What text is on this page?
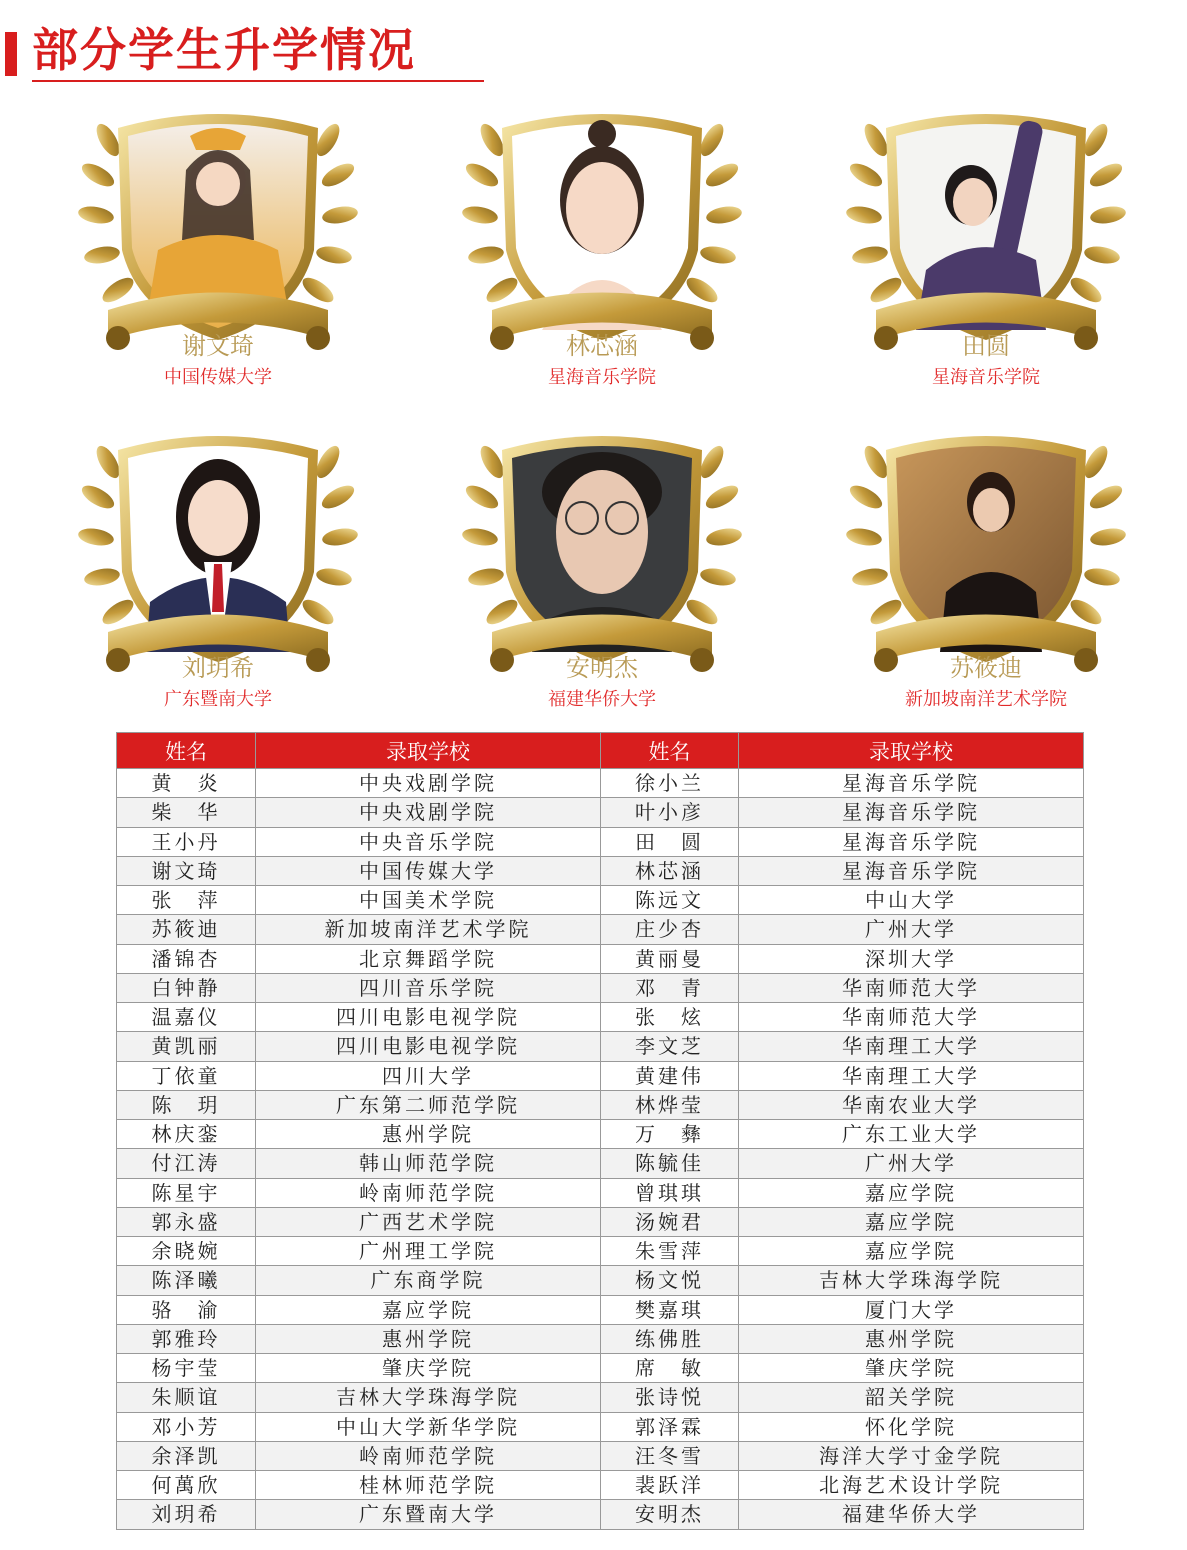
部分学生升学情况
谢文琦
中国传媒大学
林芯涵
星海音乐学院
田圆
星海音乐学院
刘玥希
广东暨南大学
安明杰
福建华侨大学
苏筱迪
新加坡南洋艺术学院
姓名	录取学校	姓名	录取学校
黄　炎	中央戏剧学院	徐小兰	星海音乐学院
柴　华	中央戏剧学院	叶小彦	星海音乐学院
王小丹	中央音乐学院	田　圆	星海音乐学院
谢文琦	中国传媒大学	林芯涵	星海音乐学院
张　萍	中国美术学院	陈远文	中山大学
苏筱迪	新加坡南洋艺术学院	庄少杏	广州大学
潘锦杏	北京舞蹈学院	黄丽曼	深圳大学
白钟静	四川音乐学院	邓　青	华南师范大学
温嘉仪	四川电影电视学院	张　炫	华南师范大学
黄凯丽	四川电影电视学院	李文芝	华南理工大学
丁依童	四川大学	黄建伟	华南理工大学
陈　玥	广东第二师范学院	林烨莹	华南农业大学
林庆銮	惠州学院	万　彝	广东工业大学
付江涛	韩山师范学院	陈毓佳	广州大学
陈星宇	岭南师范学院	曾琪琪	嘉应学院
郭永盛	广西艺术学院	汤婉君	嘉应学院
余晓婉	广州理工学院	朱雪萍	嘉应学院
陈泽曦	广东商学院	杨文悦	吉林大学珠海学院
骆　渝	嘉应学院	樊嘉琪	厦门大学
郭雅玲	惠州学院	练佛胜	惠州学院
杨宇莹	肇庆学院	席　敏	肇庆学院
朱顺谊	吉林大学珠海学院	张诗悦	韶关学院
邓小芳	中山大学新华学院	郭泽霖	怀化学院
余泽凯	岭南师范学院	汪冬雪	海洋大学寸金学院
何萬欣	桂林师范学院	裴跃洋	北海艺术设计学院
刘玥希	广东暨南大学	安明杰	福建华侨大学
